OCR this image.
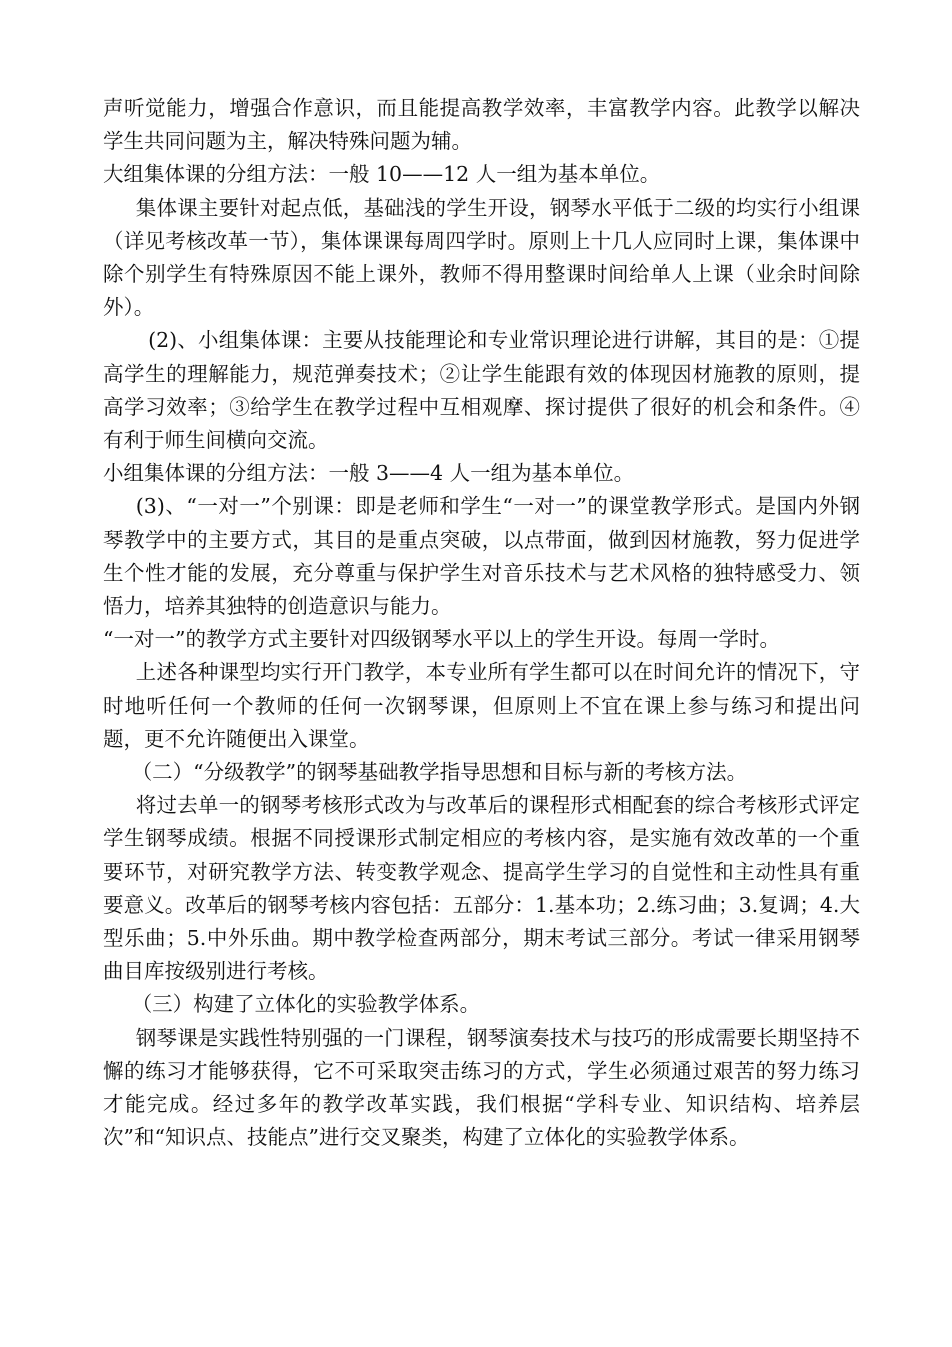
声听觉能力，增强合作意识，而且能提高教学效率，丰富教学内容。此教学以解决学生共同问题为主，解决特殊问题为辅。

大组集体课的分组方法：一般 10——12 人一组为基本单位。

集体课主要针对起点低，基础浅的学生开设，钢琴水平低于二级的均实行小组课（详见考核改革一节），集体课课每周四学时。原则上十几人应同时上课，集体课中除个别学生有特殊原因不能上课外，教师不得用整课时间给单人上课（业余时间除外）。

(2)、小组集体课：主要从技能理论和专业常识理论进行讲解，其目的是：①提高学生的理解能力，规范弹奏技术；②让学生能跟有效的体现因材施教的原则，提高学习效率；③给学生在教学过程中互相观摩、探讨提供了很好的机会和条件。④有利于师生间横向交流。

小组集体课的分组方法：一般 3——4 人一组为基本单位。

(3)、“一对一”个别课：即是老师和学生“一对一”的课堂教学形式。是国内外钢琴教学中的主要方式，其目的是重点突破，以点带面，做到因材施教，努力促进学生个性才能的发展，充分尊重与保护学生对音乐技术与艺术风格的独特感受力、领悟力，培养其独特的创造意识与能力。

“一对一”的教学方式主要针对四级钢琴水平以上的学生开设。每周一学时。

上述各种课型均实行开门教学，本专业所有学生都可以在时间允许的情况下，守时地听任何一个教师的任何一次钢琴课，但原则上不宜在课上参与练习和提出问题，更不允许随便出入课堂。

（二）“分级教学”的钢琴基础教学指导思想和目标与新的考核方法。

将过去单一的钢琴考核形式改为与改革后的课程形式相配套的综合考核形式评定学生钢琴成绩。根据不同授课形式制定相应的考核内容，是实施有效改革的一个重要环节，对研究教学方法、转变教学观念、提高学生学习的自觉性和主动性具有重要意义。改革后的钢琴考核内容包括：五部分：1.基本功；2.练习曲；3.复调；4.大型乐曲；5.中外乐曲。期中教学检查两部分，期末考试三部分。考试一律采用钢琴曲目库按级别进行考核。

（三）构建了立体化的实验教学体系。

钢琴课是实践性特别强的一门课程，钢琴演奏技术与技巧的形成需要长期坚持不懈的练习才能够获得，它不可采取突击练习的方式，学生必须通过艰苦的努力练习才能完成。经过多年的教学改革实践，我们根据“学科专业、知识结构、培养层次”和“知识点、技能点”进行交叉聚类，构建了立体化的实验教学体系。
